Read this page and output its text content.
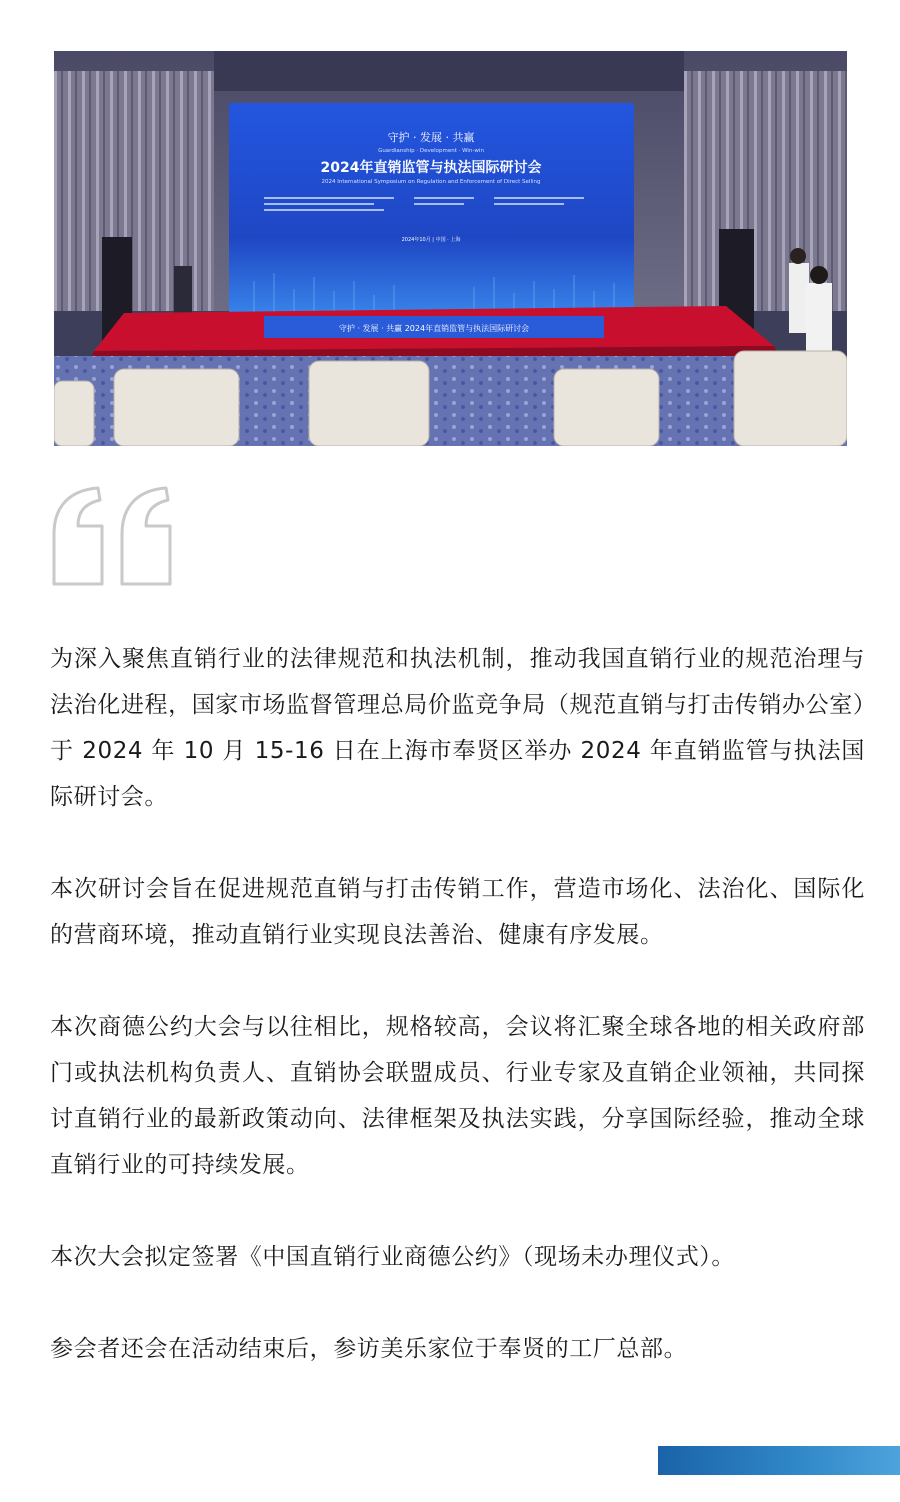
守护 · 发展 · 共赢
Guardianship · Development · Win-win
2024年直销监管与执法国际研讨会
2024 International Symposium on Regulation and Enforcement of Direct Selling
2024年10月 | 中国 · 上海
守护 · 发展 · 共赢 2024年直销监管与执法国际研讨会

为深入聚焦直销行业的法律规范和执法机制，推动我国直销行业的规范治理与法治化进程，国家市场监督管理总局价监竞争局（规范直销与打击传销办公室）于 2024 年 10 月 15-16 日在上海市奉贤区举办 2024 年直销监管与执法国际研讨会。

本次研讨会旨在促进规范直销与打击传销工作，营造市场化、法治化、国际化的营商环境，推动直销行业实现良法善治、健康有序发展。

本次商德公约大会与以往相比，规格较高，会议将汇聚全球各地的相关政府部门或执法机构负责人、直销协会联盟成员、行业专家及直销企业领袖，共同探讨直销行业的最新政策动向、法律框架及执法实践，分享国际经验，推动全球直销行业的可持续发展。

本次大会拟定签署《中国直销行业商德公约》（现场未办理仪式）。

参会者还会在活动结束后，参访美乐家位于奉贤的工厂总部。
